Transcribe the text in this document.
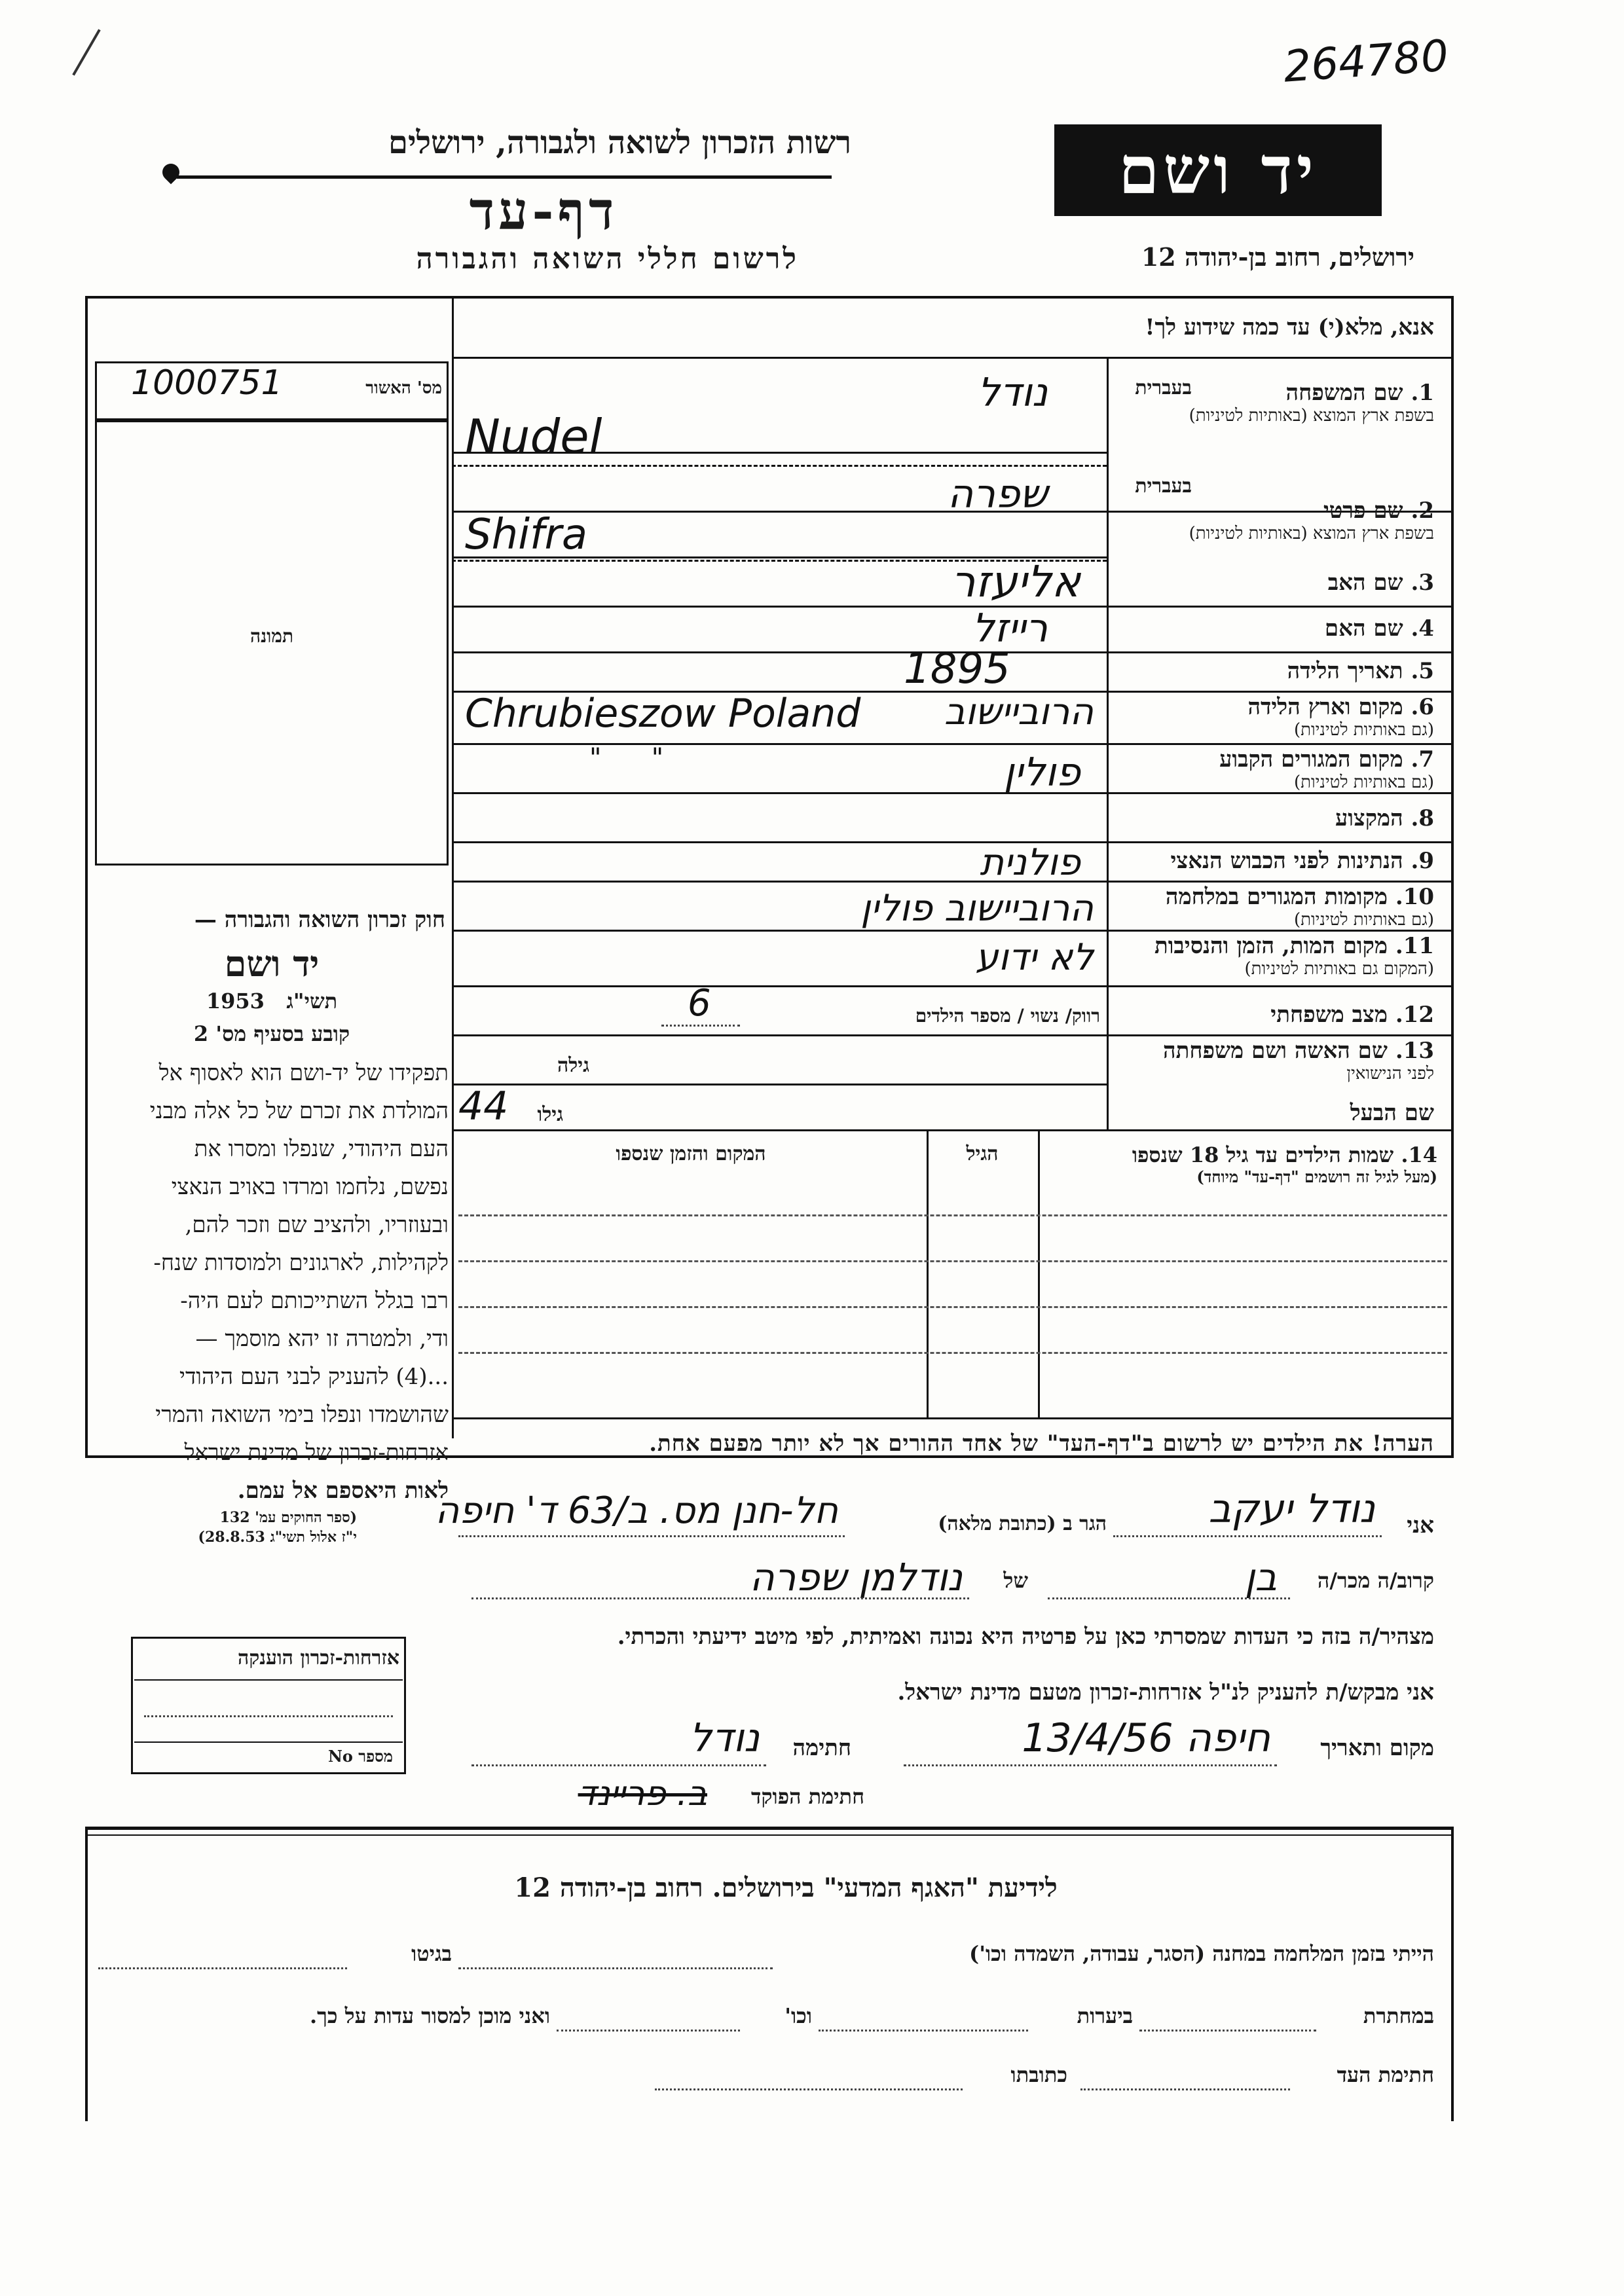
264780
רשות הזכרון לשואה ולגבורה, ירושלים
דף-עד
לרשום חללי השואה והגבורה
יד ושם
ירושלים, רחוב בן-יהודה 12
אנא, מלא(י) עד כמה שידוע לך!
מס' האשור
1000751
תמונה
חוק זכרון השואה והגבורה —
יד ושם
1953 תשי"ג
קובע בסעיף מס' 2
תפקידו של יד-ושם הוא לאסוף אל
המולדת את זכרם של כל אלה מבני
העם היהודי, שנפלו ומסרו את
נפשם, נלחמו ומרדו באויב הנאצי
ובעוזריו, ולהציב שם וזכר להם,
לקהילות, לארגונים ולמוסדות שנח-
רבו בגלל השתייכותם לעם היה-
ודי, ולמטרה זו יהא מוסמך —
...(4) להעניק לבני העם היהודי
שהושמדו ונפלו בימי השואה והמרי
אזרחות-זכרון של מדינת ישראל
לאות היאספם אל עמם.
(ספר החוקים עמ' 132
י"ז אלול תשי"ג 28.8.53)
1. שם המשפחה
בשפת ארץ המוצא (באותיות לטיניות)
בעברית
נודל
Nudel
2. שם פרטי
בשפת ארץ המוצא (באותיות לטיניות)
בעברית
שפרה
Shifra
3. שם האב
אליעזר
4. שם האם
רייזל
5. תאריך הלידה
1895
6. מקום וארץ הלידה
(גם באותיות לטיניות)
הרוביישוב
Chrubieszow Poland
7. מקום המגורים הקבוע
(גם באותיות לטיניות)
פולין
"      "
8. המקצוע
9. הנתינות לפני הכבוש הנאצי
פולנית
10. מקומות המגורים במלחמה
(גם באותיות לטיניות)
הרוביישוב פולין
11. מקום המות, הזמן והנסיבות
(המקום גם באותיות לטיניות)
לא ידוע
12. מצב משפחתי
רווק/ נשוי / מספר הילדים
6
13. שם האשה ושם משפחתה
לפני הנישואין
גילה
שם הבעל
גילו
44
14. שמות הילדים עד גיל 18 שנספו
(מעל לגיל זה רושמים "דף-עד" מיוחד)
הגיל
המקום והזמן שנספו
הערה! את הילדים יש לרשום ב"דף-העד" של אחד ההורים אך לא יותר מפעם אחת.
אני
נודל יעקב
הגר ב (כתובת מלאה)
חל-חנן מס. ב/63 ד' חיפה
קרוב/ה מכר/ה
בן
של
נודלמן שפרה
מצהיר/ה בזה כי העדות שמסרתי כאן על פרטיה היא נכונה ואמיתית, לפי מיטב ידיעתי והכרתי.
אני מבקש/ת להעניק לנ"ל אזרחות-זכרון מטעם מדינת ישראל.
מקום ותאריך
חיפה 13/4/56
חתימה
נודל
חתימת הפוקד
ב. פריינד
אזרחות-זכרון הוענקה
מספר No
לידיעת "האגף המדעי" בירושלים. רחוב בן-יהודה 12
הייתי בזמן המלחמה במחנה (הסגר, עבודה, השמדה וכו')
בגיטו
במחתרת
ביערות
וכו'
ואני מוכן למסור עדות על כך.
חתימת העד
כתובתו
